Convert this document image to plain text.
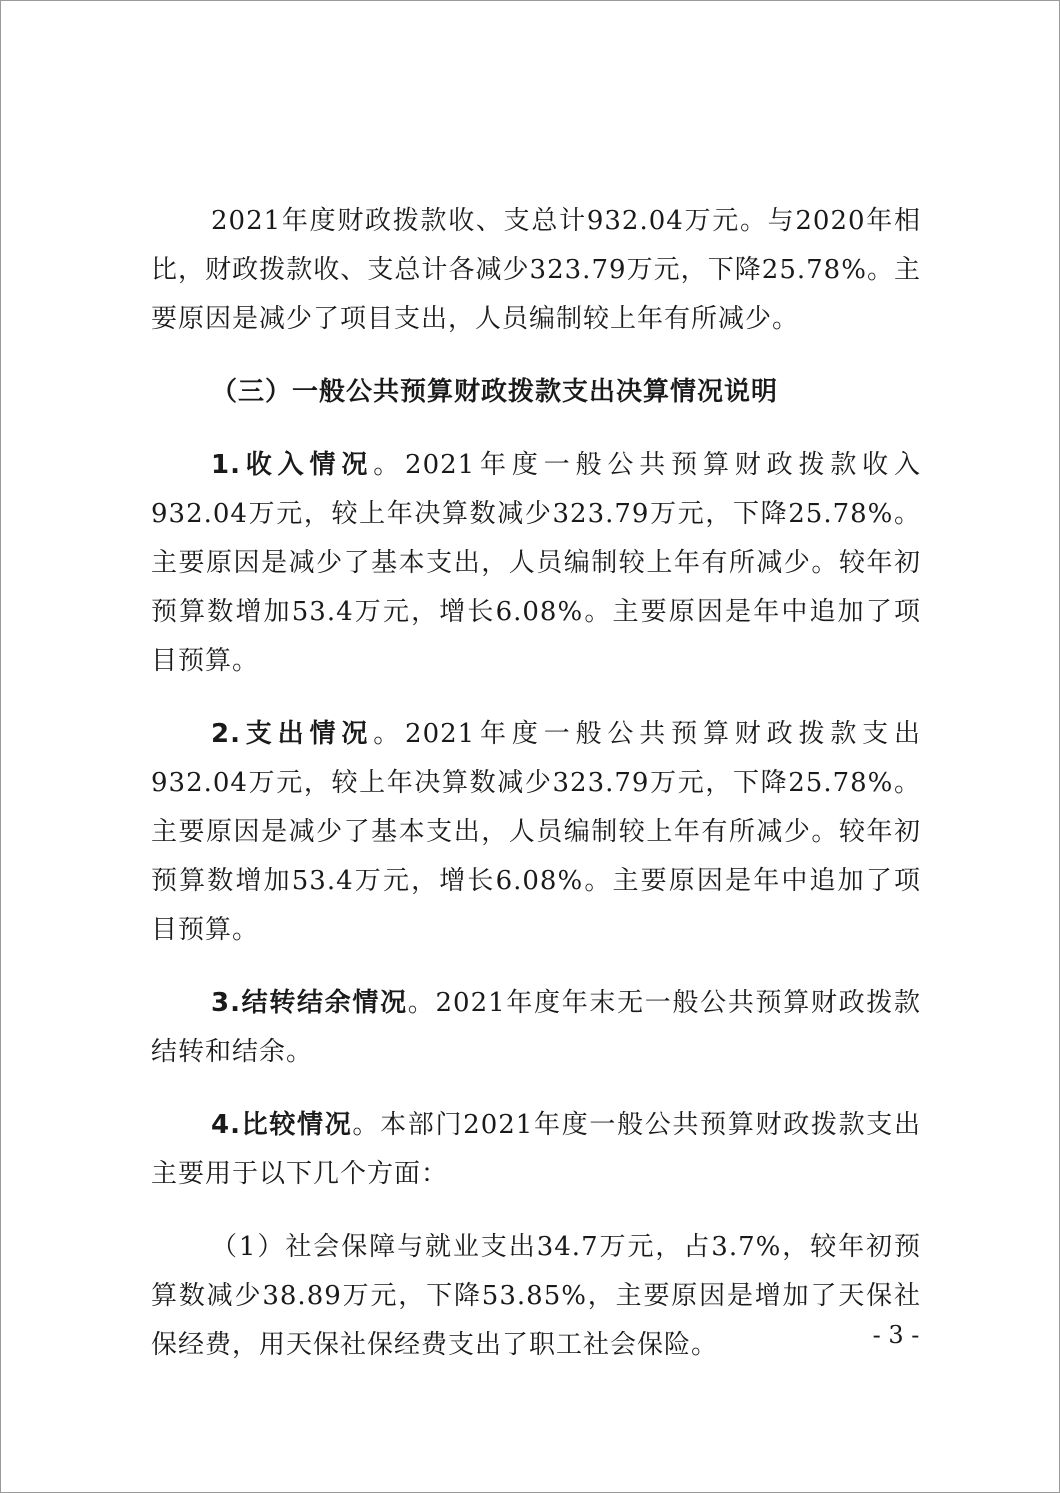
2021年度财政拨款收、支总计932.04万元。与2020年相比，财政拨款收、支总计各减少323.79万元，下降25.78%。主要原因是减少了项目支出，人员编制较上年有所减少。

（三）一般公共预算财政拨款支出决算情况说明

1.收入情况。2021年度一般公共预算财政拨款收入932.04万元，较上年决算数减少323.79万元，下降25.78%。主要原因是减少了基本支出，人员编制较上年有所减少。较年初预算数增加53.4万元，增长6.08%。主要原因是年中追加了项目预算。

2.支出情况。2021年度一般公共预算财政拨款支出932.04万元，较上年决算数减少323.79万元，下降25.78%。主要原因是减少了基本支出，人员编制较上年有所减少。较年初预算数增加53.4万元，增长6.08%。主要原因是年中追加了项目预算。

3.结转结余情况。2021年度年末无一般公共预算财政拨款结转和结余。

4.比较情况。本部门2021年度一般公共预算财政拨款支出主要用于以下几个方面：

（1）社会保障与就业支出34.7万元，占3.7%，较年初预算数减少38.89万元，下降53.85%，主要原因是增加了天保社保经费，用天保社保经费支出了职工社会保险。	- 3 -
